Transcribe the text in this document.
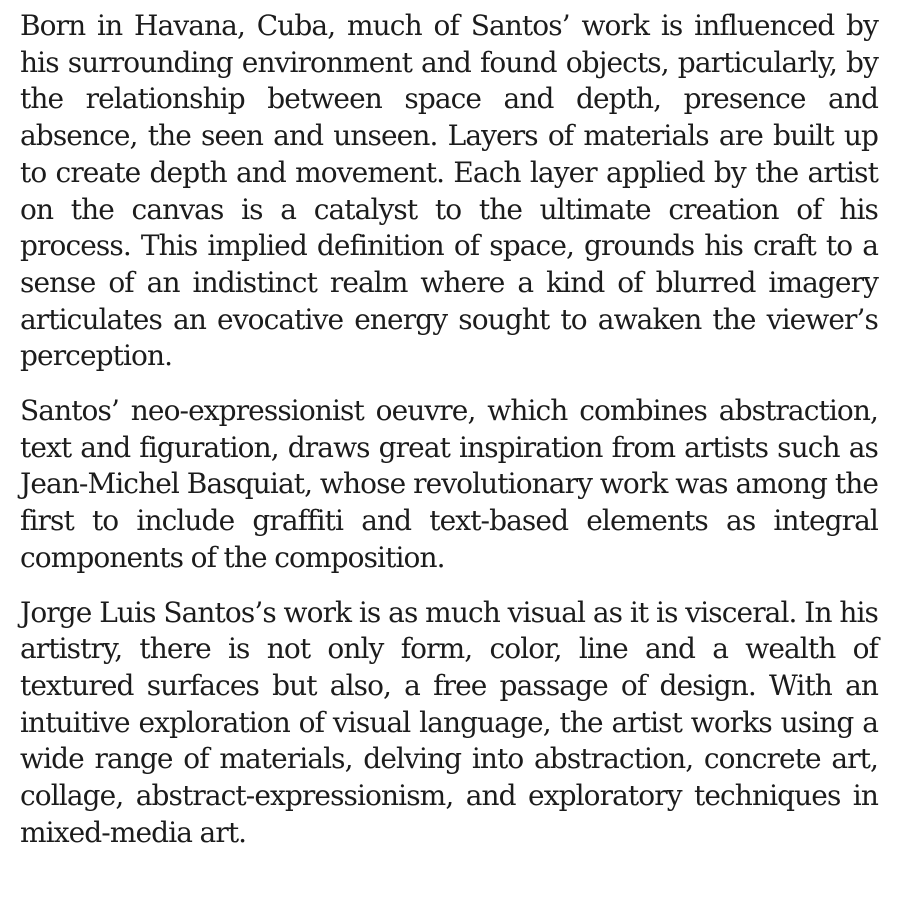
Born in Havana, Cuba, much of Santos’ work is influenced by his surrounding environment and found objects, particularly, by the relationship between space and depth, presence and absence, the seen and unseen. Layers of materials are built up to create depth and movement. Each layer applied by the artist on the canvas is a catalyst to the ultimate creation of his process. This implied definition of space, grounds his craft to a sense of an indistinct realm where a kind of blurred imagery articulates an evocative energy sought to awaken the viewer’s perception.

Santos’ neo-expressionist oeuvre, which combines abstraction, text and figuration, draws great inspiration from artists such as Jean-Michel Basquiat, whose revolutionary work was among the first to include graffiti and text-based elements as integral components of the composition.

Jorge Luis Santos’s work is as much visual as it is visceral. In his artistry, there is not only form, color, line and a wealth of textured surfaces but also, a free passage of design. With an intuitive exploration of visual language, the artist works using a wide range of materials, delving into abstraction, concrete art, collage, abstract-expressionism, and exploratory techniques in mixed-media art.
